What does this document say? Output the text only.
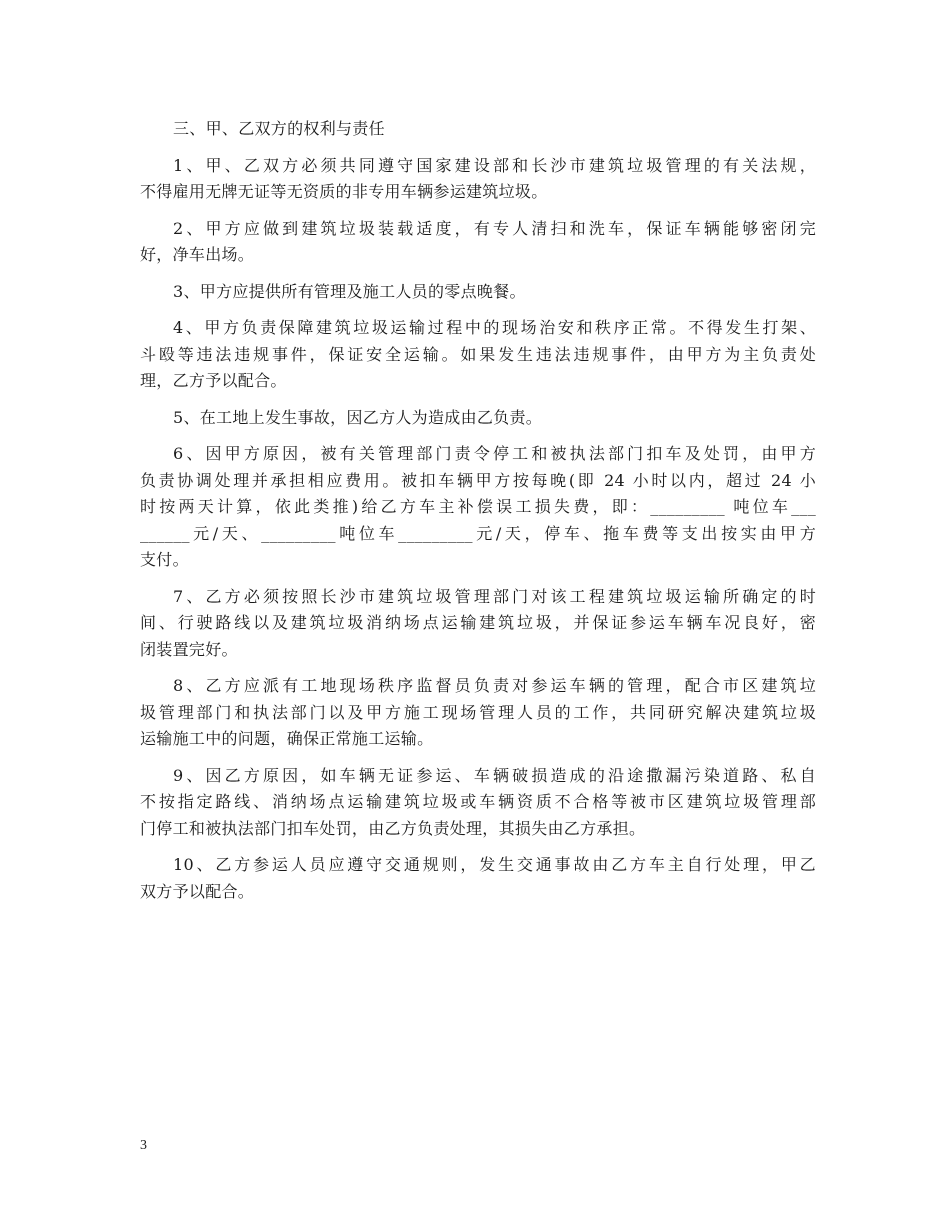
三、甲、乙双方的权利与责任
1、甲、乙双方必须共同遵守国家建设部和长沙市建筑垃圾管理的有关法规，
不得雇用无牌无证等无资质的非专用车辆参运建筑垃圾。
2、甲方应做到建筑垃圾装载适度，有专人清扫和洗车，保证车辆能够密闭完
好，净车出场。
3、甲方应提供所有管理及施工人员的零点晚餐。
4、甲方负责保障建筑垃圾运输过程中的现场治安和秩序正常。不得发生打架、
斗殴等违法违规事件，保证安全运输。如果发生违法违规事件，由甲方为主负责处
理，乙方予以配合。
5、在工地上发生事故，因乙方人为造成由乙负责。
6、因甲方原因，被有关管理部门责令停工和被执法部门扣车及处罚，由甲方
负责协调处理并承担相应费用。被扣车辆甲方按每晚(即 24 小时以内，超过 24 小
时按两天计算，依此类推)给乙方车主补偿误工损失费，即：_________ 吨位车___
______元/天、_________吨位车_________元/天，停车、拖车费等支出按实由甲方
支付。
7、乙方必须按照长沙市建筑垃圾管理部门对该工程建筑垃圾运输所确定的时
间、行驶路线以及建筑垃圾消纳场点运输建筑垃圾，并保证参运车辆车况良好，密
闭装置完好。
8、乙方应派有工地现场秩序监督员负责对参运车辆的管理，配合市区建筑垃
圾管理部门和执法部门以及甲方施工现场管理人员的工作，共同研究解决建筑垃圾
运输施工中的问题，确保正常施工运输。
9、因乙方原因，如车辆无证参运、车辆破损造成的沿途撒漏污染道路、私自
不按指定路线、消纳场点运输建筑垃圾或车辆资质不合格等被市区建筑垃圾管理部
门停工和被执法部门扣车处罚，由乙方负责处理，其损失由乙方承担。
10、乙方参运人员应遵守交通规则，发生交通事故由乙方车主自行处理，甲乙
双方予以配合。
3
